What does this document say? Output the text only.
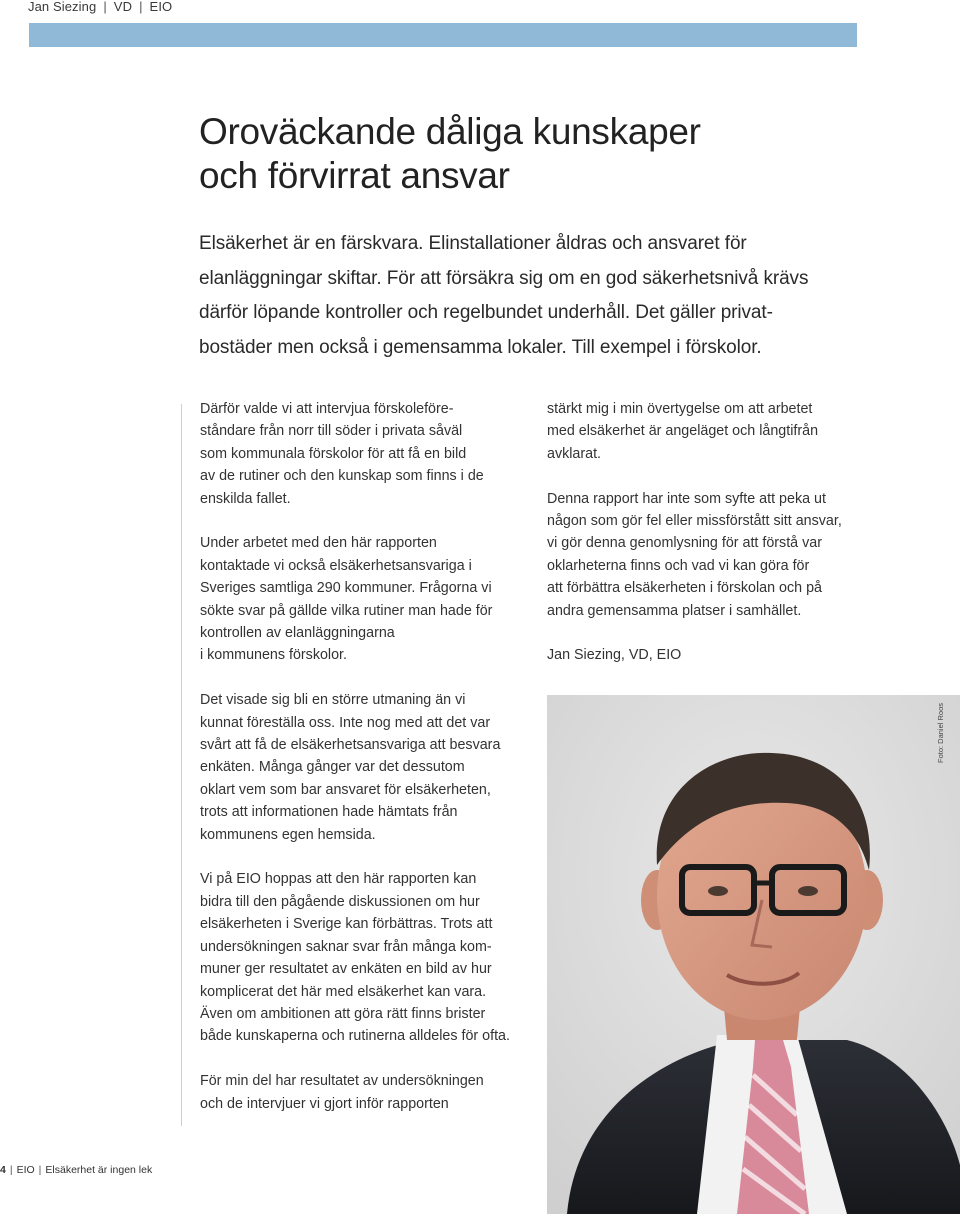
Jan Siezing | VD | EIO
Oroväckande dåliga kunskaper
och förvirrat ansvar
Elsäkerhet är en färskvara. Elinstallationer åldras och ansvaret för
elanläggningar skiftar. För att försäkra sig om en god säkerhetsnivå krävs
därför löpande kontroller och regelbundet underhåll. Det gäller privat-
bostäder men också i gemensamma lokaler. Till exempel i förskolor.

Därför valde vi att intervjua förskoleföre-
ståndare från norr till söder i privata såväl
som kommunala förskolor för att få en bild
av de rutiner och den kunskap som finns i de
enskilda fallet.

Under arbetet med den här rapporten
kontaktade vi också elsäkerhetsansvariga i
Sveriges samtliga 290 kommuner. Frågorna vi
sökte svar på gällde vilka rutiner man hade för
kontrollen av elanläggningarna
i kommunens förskolor.

Det visade sig bli en större utmaning än vi
kunnat föreställa oss. Inte nog med att det var
svårt att få de elsäkerhetsansvariga att besvara
enkäten. Många gånger var det dessutom
oklart vem som bar ansvaret för elsäkerheten,
trots att informationen hade hämtats från
kommunens egen hemsida.

Vi på EIO hoppas att den här rapporten kan
bidra till den pågående diskussionen om hur
elsäkerheten i Sverige kan förbättras. Trots att
undersökningen saknar svar från många kom-
muner ger resultatet av enkäten en bild av hur
komplicerat det här med elsäkerhet kan vara.
Även om ambitionen att göra rätt finns brister
både kunskaperna och rutinerna alldeles för ofta.

För min del har resultatet av undersökningen
och de intervjuer vi gjort inför rapporten

stärkt mig i min övertygelse om att arbetet
med elsäkerhet är angeläget och långtifrån
avklarat.

Denna rapport har inte som syfte att peka ut
någon som gör fel eller missförstått sitt ansvar,
vi gör denna genomlysning för att förstå var
oklarheterna finns och vad vi kan göra för
att förbättra elsäkerheten i förskolan och på
andra gemensamma platser i samhället.

Jan Siezing, VD, EIO

Foto: Daniel Roos
4 | EIO | Elsäkerhet är ingen lek
